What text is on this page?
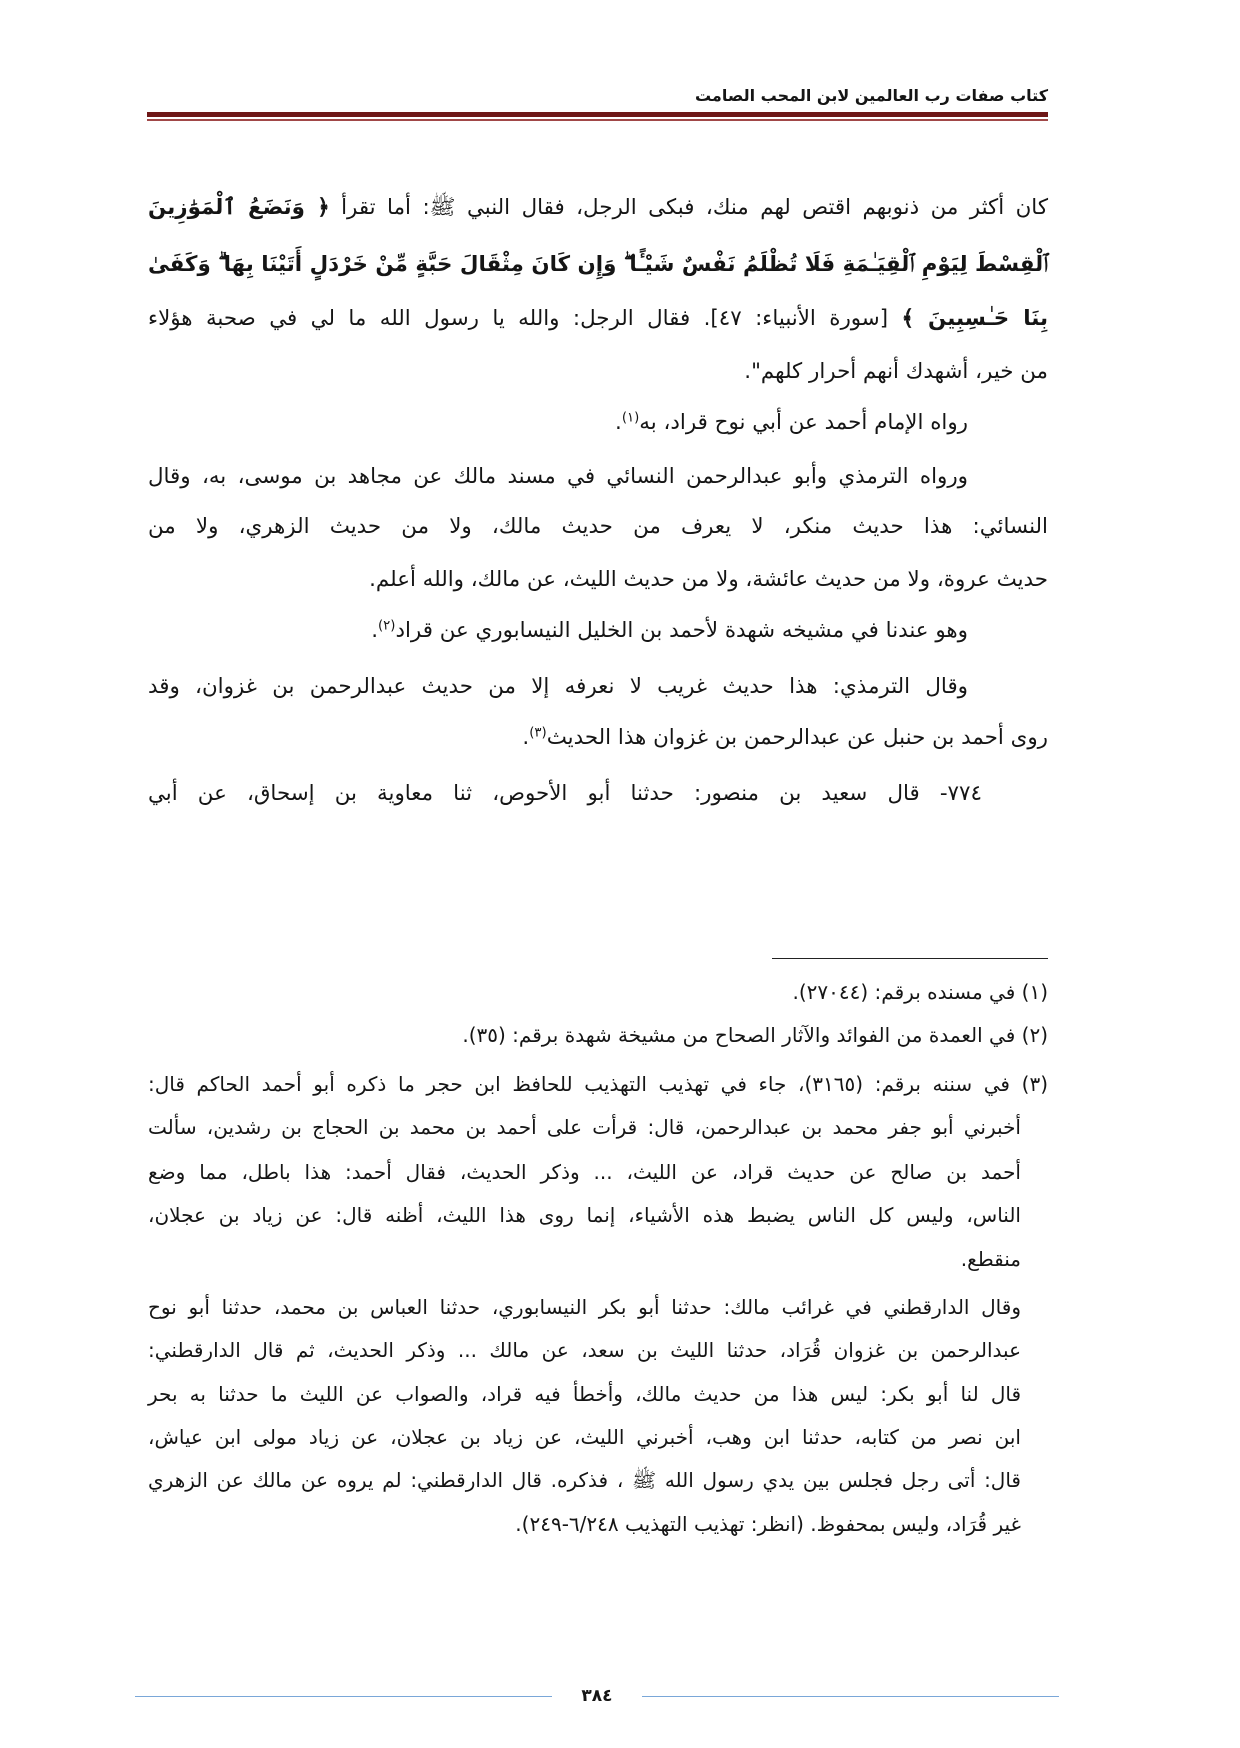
كتاب صفات رب العالمين لابن المحب الصامت
كان أكثر من ذنوبهم اقتص لهم منك، فبكى الرجل، فقال النبي ﷺ: أما تقرأ ﴿ وَنَضَعُ ٱلْمَوَٰزِينَ
ٱلْقِسْطَ لِيَوْمِ ٱلْقِيَـٰمَةِ فَلَا تُظْلَمُ نَفْسٌ شَيْـًٔا ۖ وَإِن كَانَ مِثْقَالَ حَبَّةٍ مِّنْ خَرْدَلٍ أَتَيْنَا بِهَا ۗ وَكَفَىٰ
بِنَا حَـٰسِبِينَ ﴾ [سورة الأنبياء: ٤٧]. فقال الرجل: والله يا رسول الله ما لي في صحبة هؤلاء
من خير، أشهدك أنهم أحرار كلهم".
رواه الإمام أحمد عن أبي نوح قراد، به$^{(١)}$.
ورواه الترمذي وأبو عبدالرحمن النسائي في مسند مالك عن مجاهد بن موسى، به، وقال
النسائي: هذا حديث منكر، لا يعرف من حديث مالك، ولا من حديث الزهري، ولا من
حديث عروة، ولا من حديث عائشة، ولا من حديث الليث، عن مالك، والله أعلم.
وهو عندنا في مشيخه شهدة لأحمد بن الخليل النيسابوري عن قراد$^{(٢)}$.
وقال الترمذي: هذا حديث غريب لا نعرفه إلا من حديث عبدالرحمن بن غزوان، وقد
روى أحمد بن حنبل عن عبدالرحمن بن غزوان هذا الحديث$^{(٣)}$.
٧٧٤- قال سعيد بن منصور: حدثنا أبو الأحوص، ثنا معاوية بن إسحاق، عن أبي
(١) في مسنده برقم: (٢٧٠٤٤).
(٢) في العمدة من الفوائد والآثار الصحاح من مشيخة شهدة برقم: (٣٥).
(٣) في سننه برقم: (٣١٦٥)، جاء في تهذيب التهذيب للحافظ ابن حجر ما ذكره أبو أحمد الحاكم قال:
أخبرني أبو جفر محمد بن عبدالرحمن، قال: قرأت على أحمد بن محمد بن الحجاج بن رشدين، سألت
أحمد بن صالح عن حديث قراد، عن الليث، ... وذكر الحديث، فقال أحمد: هذا باطل، مما وضع
الناس، وليس كل الناس يضبط هذه الأشياء، إنما روى هذا الليث، أظنه قال: عن زياد بن عجلان،
منقطع.
وقال الدارقطني في غرائب مالك: حدثنا أبو بكر النيسابوري، حدثنا العباس بن محمد، حدثنا أبو نوح
عبدالرحمن بن غزوان قُرَاد، حدثنا الليث بن سعد، عن مالك ... وذكر الحديث، ثم قال الدارقطني:
قال لنا أبو بكر: ليس هذا من حديث مالك، وأخطأ فيه قراد، والصواب عن الليث ما حدثنا به بحر
ابن نصر من كتابه، حدثنا ابن وهب، أخبرني الليث، عن زياد بن عجلان، عن زياد مولى ابن عياش،
قال: أتى رجل فجلس بين يدي رسول الله ﷺ ، فذكره. قال الدارقطني: لم يروه عن مالك عن الزهري
غير قُرَاد، وليس بمحفوظ. (انظر: تهذيب التهذيب ٦/٢٤٨-٢٤٩).
٣٨٤
